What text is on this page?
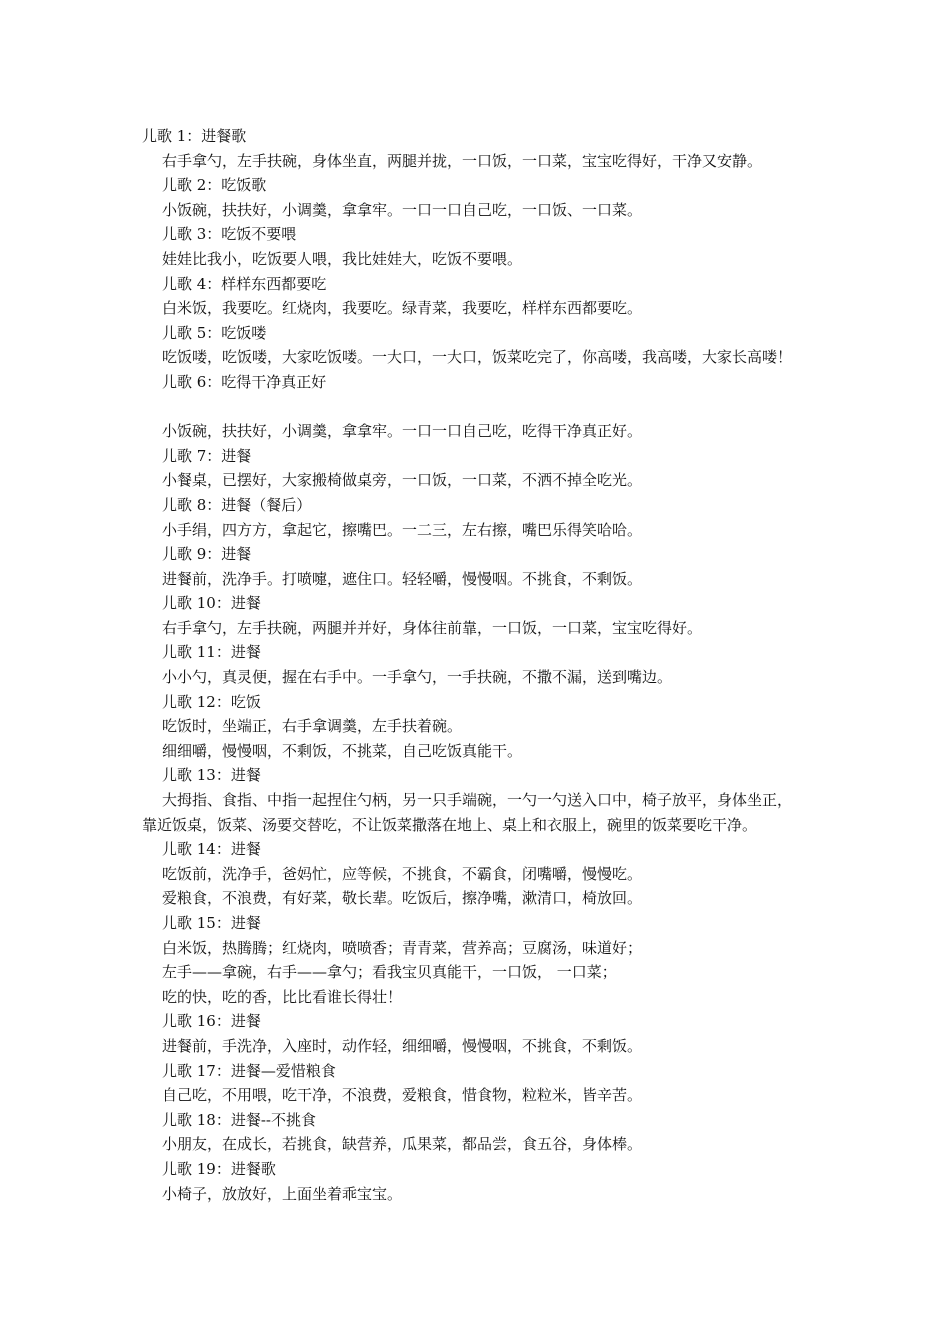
儿歌 1：进餐歌
右手拿勺，左手扶碗，身体坐直，两腿并拢，一口饭，一口菜，宝宝吃得好，干净又安静。
儿歌 2：吃饭歌
小饭碗，扶扶好，小调羹，拿拿牢。一口一口自己吃，一口饭、一口菜。
儿歌 3：吃饭不要喂
娃娃比我小，吃饭要人喂，我比娃娃大，吃饭不要喂。
儿歌 4：样样东西都要吃
白米饭，我要吃。红烧肉，我要吃。绿青菜，我要吃，样样东西都要吃。
儿歌 5：吃饭喽
吃饭喽，吃饭喽，大家吃饭喽。一大口，一大口，饭菜吃完了，你高喽，我高喽，大家长高喽！
儿歌 6：吃得干净真正好
小饭碗，扶扶好，小调羹，拿拿牢。一口一口自己吃，吃得干净真正好。
儿歌 7：进餐
小餐桌，已摆好，大家搬椅做桌旁，一口饭，一口菜，不洒不掉全吃光。
儿歌 8：进餐（餐后）
小手绢，四方方，拿起它，擦嘴巴。一二三，左右擦，嘴巴乐得笑哈哈。
儿歌 9：进餐
进餐前，洗净手。打喷嚏，遮住口。轻轻嚼，慢慢咽。不挑食，不剩饭。
儿歌 10：进餐
右手拿勺，左手扶碗，两腿并并好，身体往前靠，一口饭，一口菜，宝宝吃得好。
儿歌 11：进餐
小小勺，真灵便，握在右手中。一手拿勺，一手扶碗，不撒不漏，送到嘴边。
儿歌 12：吃饭
吃饭时，坐端正，右手拿调羹，左手扶着碗。
细细嚼，慢慢咽，不剩饭，不挑菜，自己吃饭真能干。
儿歌 13：进餐
大拇指、食指、中指一起捏住勺柄，另一只手端碗，一勺一勺送入口中，椅子放平，身体坐正，
靠近饭桌，饭菜、汤要交替吃，不让饭菜撒落在地上、桌上和衣服上，碗里的饭菜要吃干净。
儿歌 14：进餐
吃饭前，洗净手，爸妈忙，应等候，不挑食，不霸食，闭嘴嚼，慢慢吃。
爱粮食，不浪费，有好菜，敬长辈。吃饭后，擦净嘴，漱清口，椅放回。
儿歌 15：进餐
白米饭，热腾腾；红烧肉，喷喷香；青青菜，营养高；豆腐汤，味道好；
左手——拿碗，右手——拿勺；看我宝贝真能干，一口饭， 一口菜；
吃的快，吃的香，比比看谁长得壮！
儿歌 16：进餐
进餐前，手洗净，入座时，动作轻，细细嚼，慢慢咽，不挑食，不剩饭。
儿歌 17：进餐—爱惜粮食
自己吃，不用喂，吃干净，不浪费，爱粮食，惜食物，粒粒米，皆辛苦。
儿歌 18：进餐--不挑食
小朋友，在成长，若挑食，缺营养，瓜果菜，都品尝，食五谷，身体棒。
儿歌 19：进餐歌
小椅子，放放好，上面坐着乖宝宝。
